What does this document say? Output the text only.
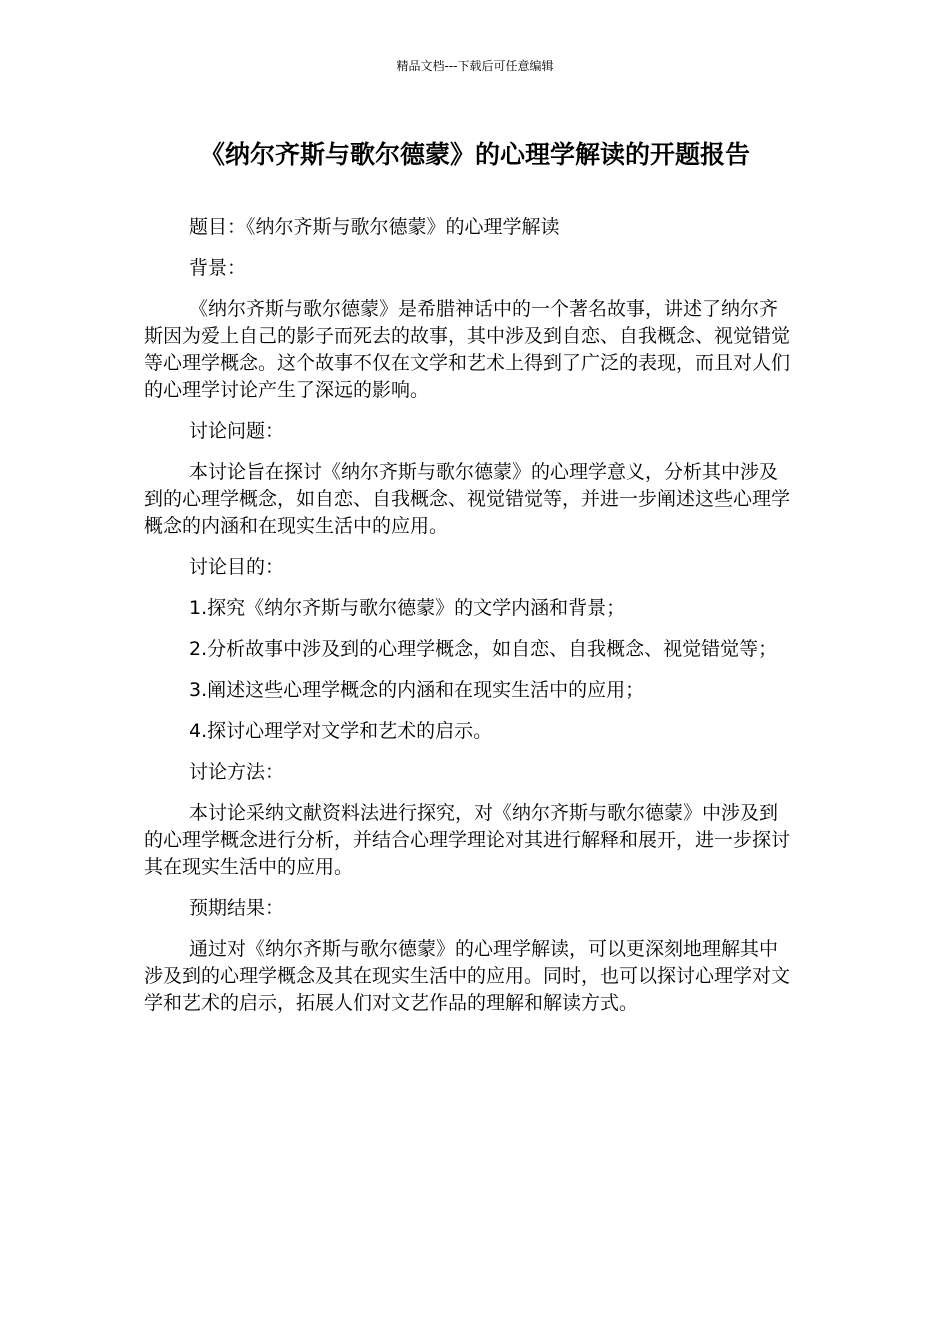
精品文档---下载后可任意编辑
《纳尔齐斯与歌尔德蒙》的心理学解读的开题报告

题目：《纳尔齐斯与歌尔德蒙》的心理学解读

背景：

《纳尔齐斯与歌尔德蒙》是希腊神话中的一个著名故事，讲述了纳尔齐斯因为爱上自己的影子而死去的故事，其中涉及到自恋、自我概念、视觉错觉等心理学概念。这个故事不仅在文学和艺术上得到了广泛的表现，而且对人们的心理学讨论产生了深远的影响。

讨论问题：

本讨论旨在探讨《纳尔齐斯与歌尔德蒙》的心理学意义，分析其中涉及到的心理学概念，如自恋、自我概念、视觉错觉等，并进一步阐述这些心理学概念的内涵和在现实生活中的应用。

讨论目的：

1.探究《纳尔齐斯与歌尔德蒙》的文学内涵和背景；

2.分析故事中涉及到的心理学概念，如自恋、自我概念、视觉错觉等；

3.阐述这些心理学概念的内涵和在现实生活中的应用；

4.探讨心理学对文学和艺术的启示。

讨论方法：

本讨论采纳文献资料法进行探究，对《纳尔齐斯与歌尔德蒙》中涉及到的心理学概念进行分析，并结合心理学理论对其进行解释和展开，进一步探讨其在现实生活中的应用。

预期结果：

通过对《纳尔齐斯与歌尔德蒙》的心理学解读，可以更深刻地理解其中涉及到的心理学概念及其在现实生活中的应用。同时，也可以探讨心理学对文学和艺术的启示，拓展人们对文艺作品的理解和解读方式。
